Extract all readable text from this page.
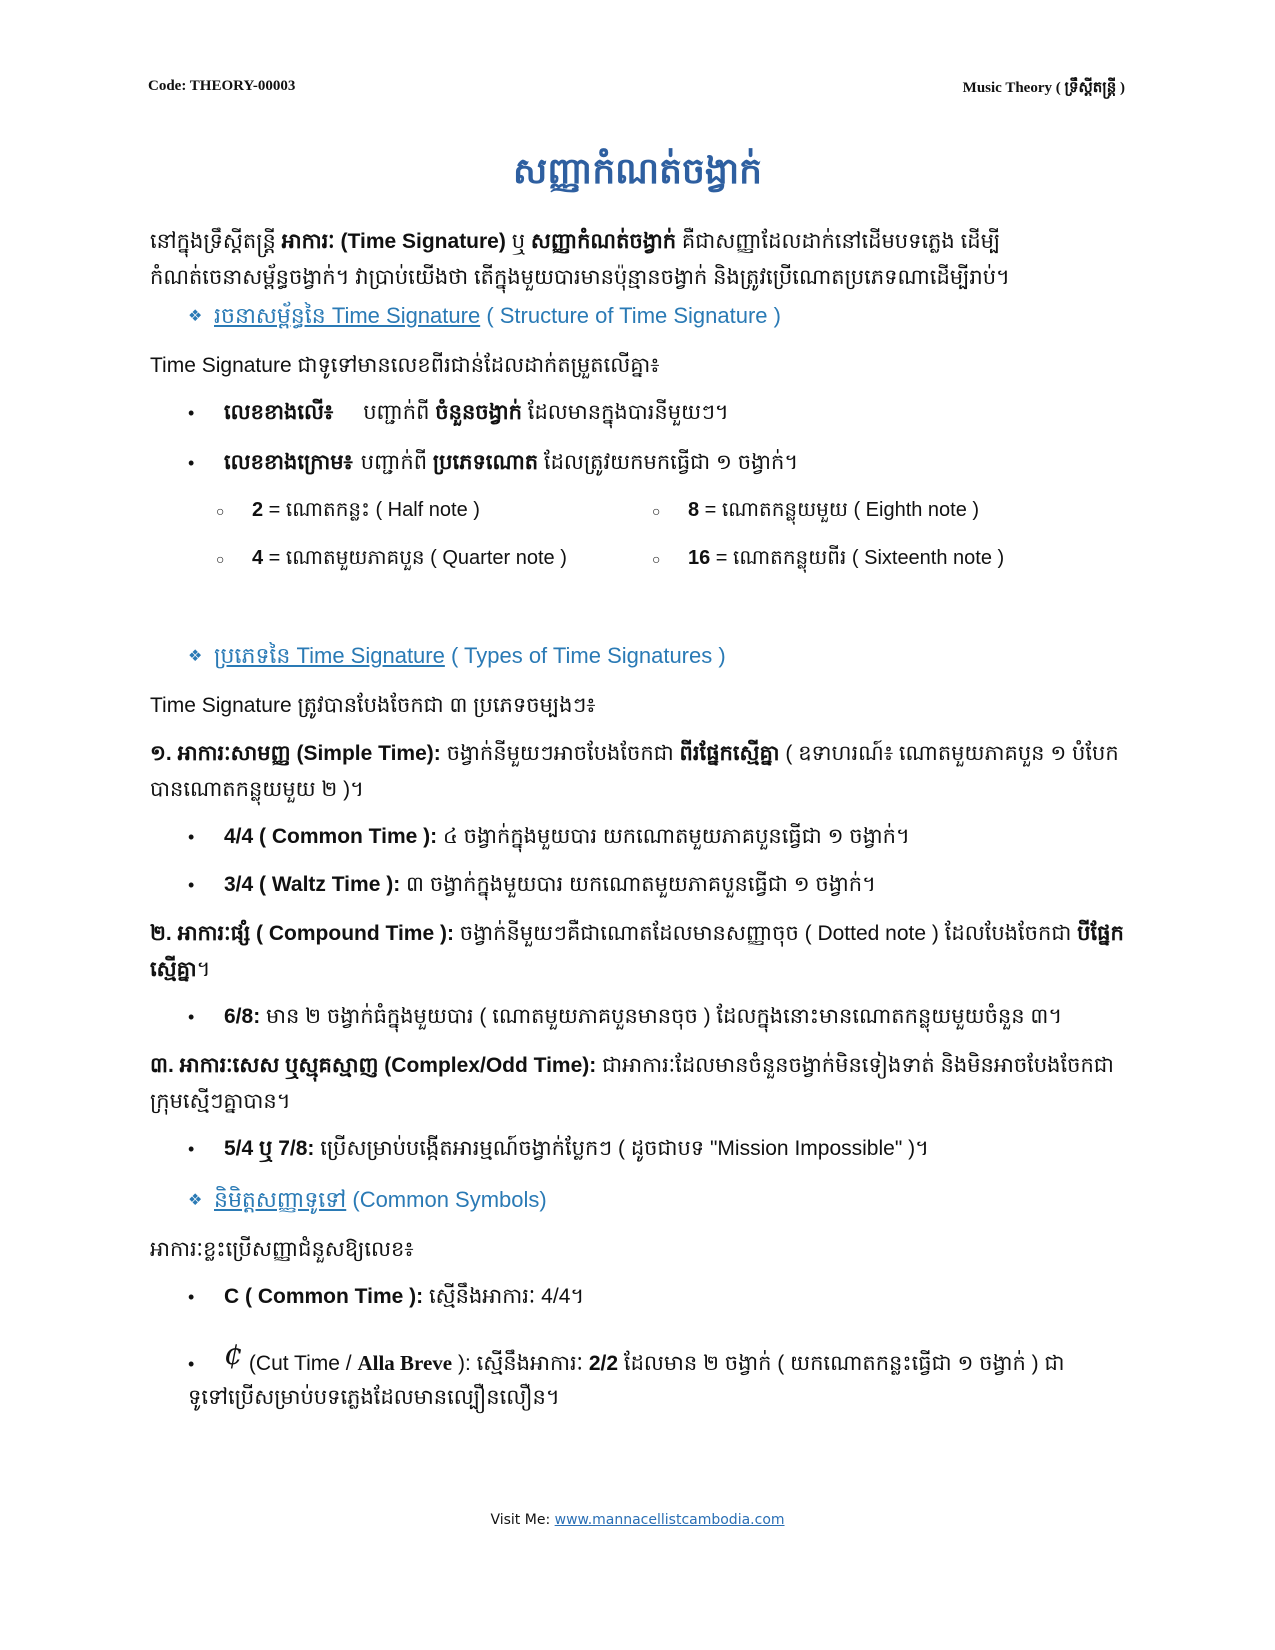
Code: THEORY-00003	Music Theory ( ទ្រឹស្តីតន្ត្រី )
សញ្ញាកំណត់ចង្វាក់
នៅក្នុងទ្រឹស្តីតន្ត្រី អាការៈ (Time Signature) ឬ សញ្ញាកំណត់ចង្វាក់ គឺជាសញ្ញាដែលដាក់នៅដើមបទភ្លេង ដើម្បីកំណត់ចេនាសម្ព័ន្ធចង្វាក់។ វាប្រាប់យើងថា តើក្នុងមួយបារមានប៉ុន្មានចង្វាក់ និងត្រូវប្រើណោតប្រភេទណាដើម្បីរាប់។
❖ រចនាសម្ព័ន្ធនៃ Time Signature ( Structure of Time Signature )
Time Signature ជាទូទៅមានលេខពីរជាន់ដែលដាក់តម្រួតលើគ្នា៖
• លេខខាងលើ៖ បញ្ជាក់ពី ចំនួនចង្វាក់ ដែលមានក្នុងបារនីមួយៗ។
• លេខខាងក្រោម៖ បញ្ជាក់ពី ប្រភេទណោត ដែលត្រូវយកមកធ្វើជា ១ ចង្វាក់។
○ 2 = ណោតកន្លះ ( Half note )	○ 8 = ណោតកន្លុយមួយ ( Eighth note )
○ 4 = ណោតមួយភាគបួន ( Quarter note )	○ 16 = ណោតកន្លុយពីរ ( Sixteenth note )
❖ ប្រភេទនៃ Time Signature ( Types of Time Signatures )
Time Signature ត្រូវបានបែងចែកជា ៣ ប្រភេទចម្បងៗ៖
១. អាការៈសាមញ្ញ (Simple Time): ចង្វាក់នីមួយៗអាចបែងចែកជា ពីរផ្នែកស្មើគ្នា ( ឧទាហរណ៍៖ ណោតមួយភាគបួន ១ បំបែកបានណោតកន្លុយមួយ ២ )។
• 4/4 ( Common Time ): ៤ ចង្វាក់ក្នុងមួយបារ យកណោតមួយភាគបួនធ្វើជា ១ ចង្វាក់។
• 3/4 ( Waltz Time ): ៣ ចង្វាក់ក្នុងមួយបារ យកណោតមួយភាគបួនធ្វើជា ១ ចង្វាក់។
២. អាការៈផ្សំ ( Compound Time ): ចង្វាក់នីមួយៗគឺជាណោតដែលមានសញ្ញាចុច ( Dotted note ) ដែលបែងចែកជា បីផ្នែកស្មើគ្នា។
• 6/8: មាន ២ ចង្វាក់ធំក្នុងមួយបារ ( ណោតមួយភាគបួនមានចុច ) ដែលក្នុងនោះមានណោតកន្លុយមួយចំនួន ៣។
៣. អាការៈសេស ឬស្មុគស្មាញ (Complex/Odd Time): ជាអាការៈដែលមានចំនួនចង្វាក់មិនទៀងទាត់ និងមិនអាចបែងចែកជាក្រុមស្មើៗគ្នាបាន។
• 5/4 ឬ 7/8: ប្រើសម្រាប់បង្កើតអារម្មណ៍ចង្វាក់ប្លែកៗ ( ដូចជាបទ "Mission Impossible" )។
❖ និមិត្តសញ្ញាទូទៅ (Common Symbols)
អាការៈខ្លះប្រើសញ្ញាជំនួសឱ្យលេខ៖
• C ( Common Time ): ស្មើនឹងអាការៈ 4/4។
• ¢ (Cut Time / Alla Breve ): ស្មើនឹងអាការៈ 2/2 ដែលមាន ២ ចង្វាក់ ( យកណោតកន្លះធ្វើជា ១ ចង្វាក់ ) ជាទូទៅប្រើសម្រាប់បទភ្លេងដែលមានល្បឿនលឿន។
Visit Me: www.mannacellistcambodia.com
